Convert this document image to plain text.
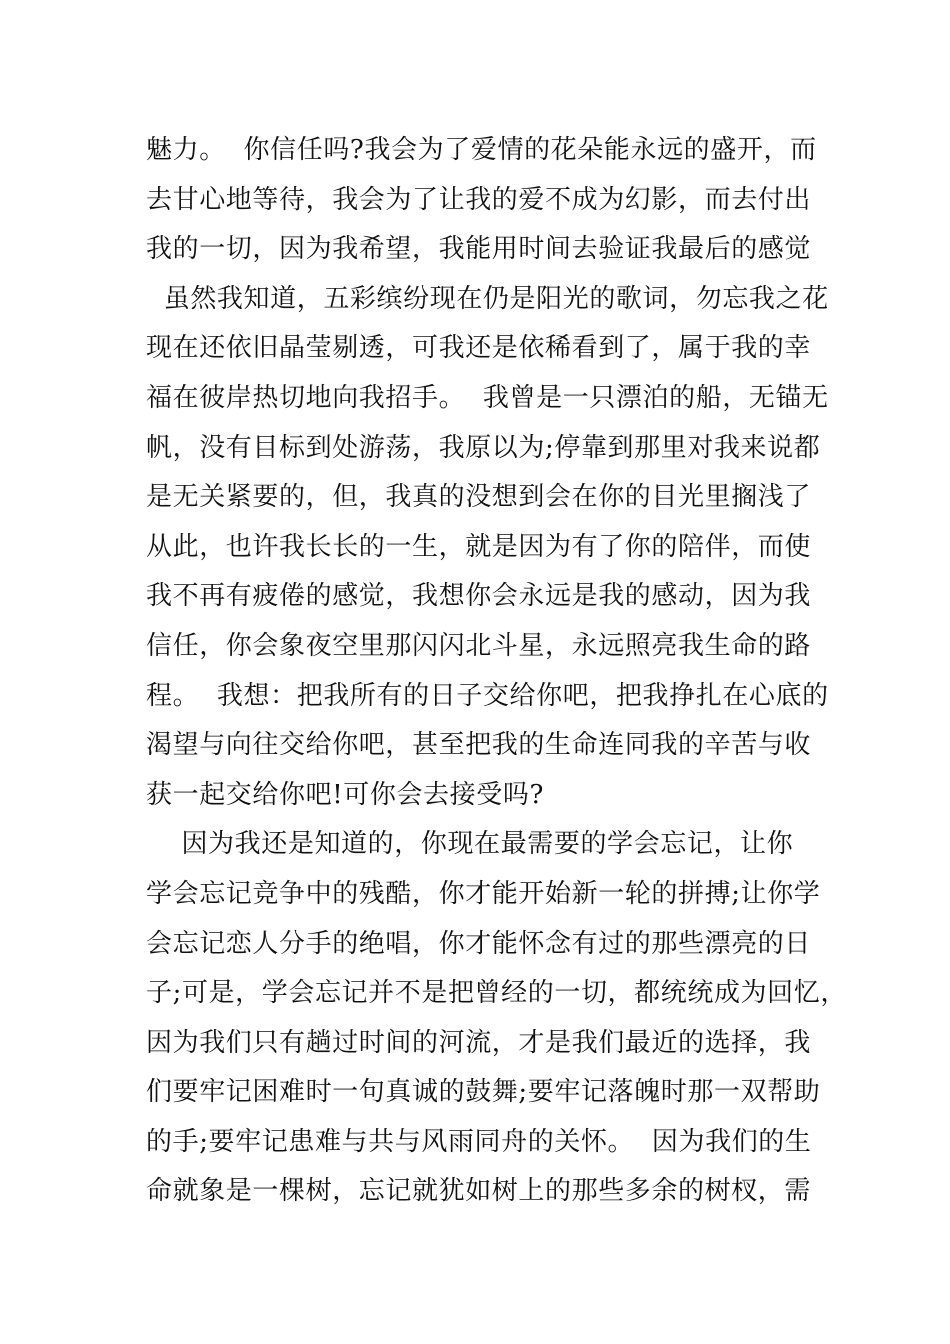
魅力。  你信任吗?我会为了爱情的花朵能永远的盛开，而
去甘心地等待，我会为了让我的爱不成为幻影，而去付出
我的一切，因为我希望，我能用时间去验证我最后的感觉
虽然我知道，五彩缤纷现在仍是阳光的歌词，勿忘我之花
现在还依旧晶莹剔透，可我还是依稀看到了，属于我的幸
福在彼岸热切地向我招手。  我曾是一只漂泊的船，无锚无
帆，没有目标到处游荡，我原以为;停靠到那里对我来说都
是无关紧要的，但，我真的没想到会在你的目光里搁浅了
从此，也许我长长的一生，就是因为有了你的陪伴，而使
我不再有疲倦的感觉，我想你会永远是我的感动，因为我
信任，你会象夜空里那闪闪北斗星，永远照亮我生命的路
程。  我想：把我所有的日子交给你吧，把我挣扎在心底的
渴望与向往交给你吧，甚至把我的生命连同我的辛苦与收
获一起交给你吧!可你会去接受吗?
因为我还是知道的，你现在最需要的学会忘记，让你
学会忘记竞争中的残酷，你才能开始新一轮的拼搏;让你学
会忘记恋人分手的绝唱，你才能怀念有过的那些漂亮的日
子;可是，学会忘记并不是把曾经的一切，都统统成为回忆，
因为我们只有趟过时间的河流，才是我们最近的选择，我
们要牢记困难时一句真诚的鼓舞;要牢记落魄时那一双帮助
的手;要牢记患难与共与风雨同舟的关怀。  因为我们的生
命就象是一棵树，忘记就犹如树上的那些多余的树杈，需
